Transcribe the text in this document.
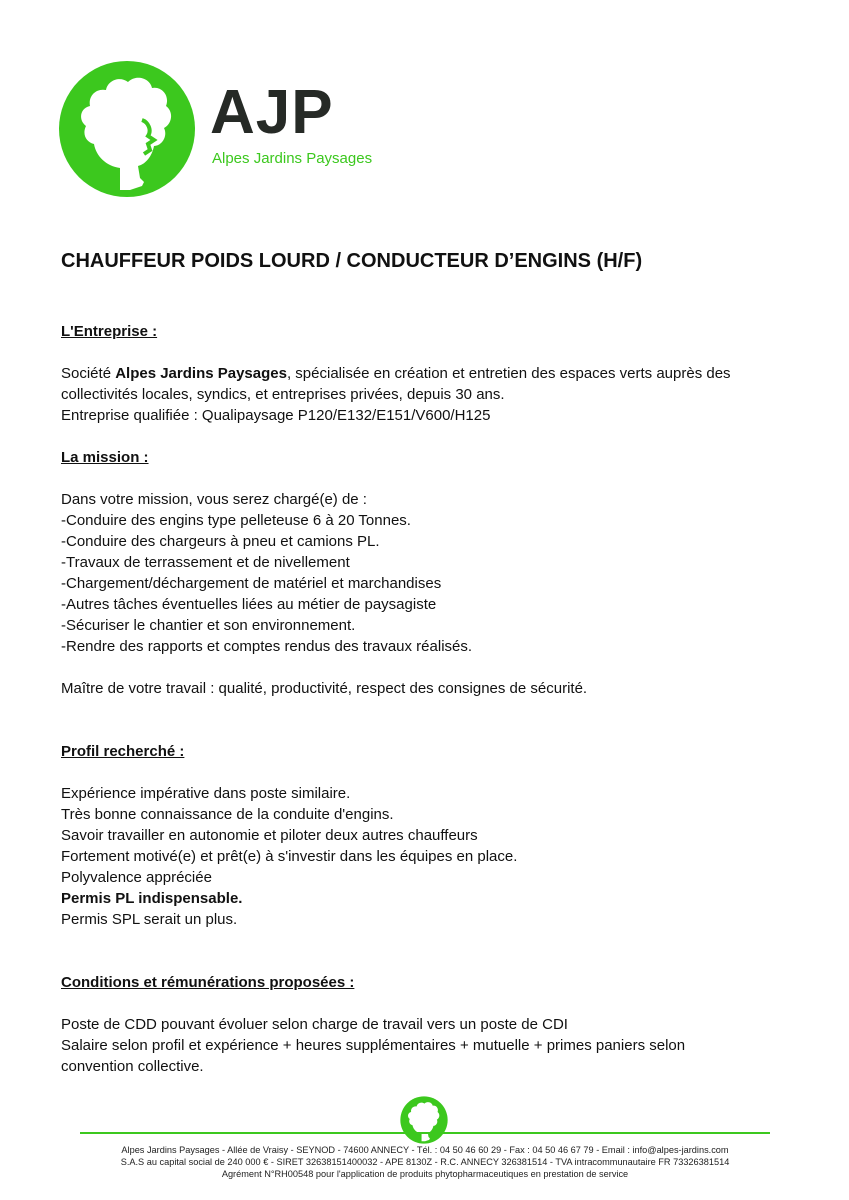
AJP
Alpes Jardins Paysages
CHAUFFEUR POIDS LOURD / CONDUCTEUR D’ENGINS (H/F)

L'Entreprise :

Société Alpes Jardins Paysages, spécialisée en création et entretien des espaces verts auprès des
collectivités locales, syndics, et entreprises privées, depuis 30 ans.
Entreprise qualifiée : Qualipaysage P120/E132/E151/V600/H125

La mission :

Dans votre mission, vous serez chargé(e) de :
-Conduire des engins type pelleteuse 6 à 20 Tonnes.
-Conduire des chargeurs à pneu et camions PL.
-Travaux de terrassement et de nivellement
-Chargement/déchargement de matériel et marchandises
-Autres tâches éventuelles liées au métier de paysagiste
-Sécuriser le chantier et son environnement.
-Rendre des rapports et comptes rendus des travaux réalisés.

Maître de votre travail : qualité, productivité, respect des consignes de sécurité.

Profil recherché :

Expérience impérative dans poste similaire.
Très bonne connaissance de la conduite d'engins.
Savoir travailler en autonomie et piloter deux autres chauffeurs
Fortement motivé(e) et prêt(e) à s'investir dans les équipes en place.
Polyvalence appréciée
Permis PL indispensable.
Permis SPL serait un plus.

Conditions et rémunérations proposées :

Poste de CDD pouvant évoluer selon charge de travail vers un poste de CDI
Salaire selon profil et expérience + heures supplémentaires + mutuelle + primes paniers selon
convention collective.

Alpes Jardins Paysages - Allée de Vraisy - SEYNOD - 74600 ANNECY - Tél. : 04 50 46 60 29 - Fax : 04 50 46 67 79 - Email : info@alpes-jardins.com
S.A.S au capital social de 240 000 € - SIRET 32638151400032 - APE 8130Z - R.C. ANNECY 326381514 - TVA intracommunautaire FR 73326381514
Agrément N°RH00548 pour l'application de produits phytopharmaceutiques en prestation de service
